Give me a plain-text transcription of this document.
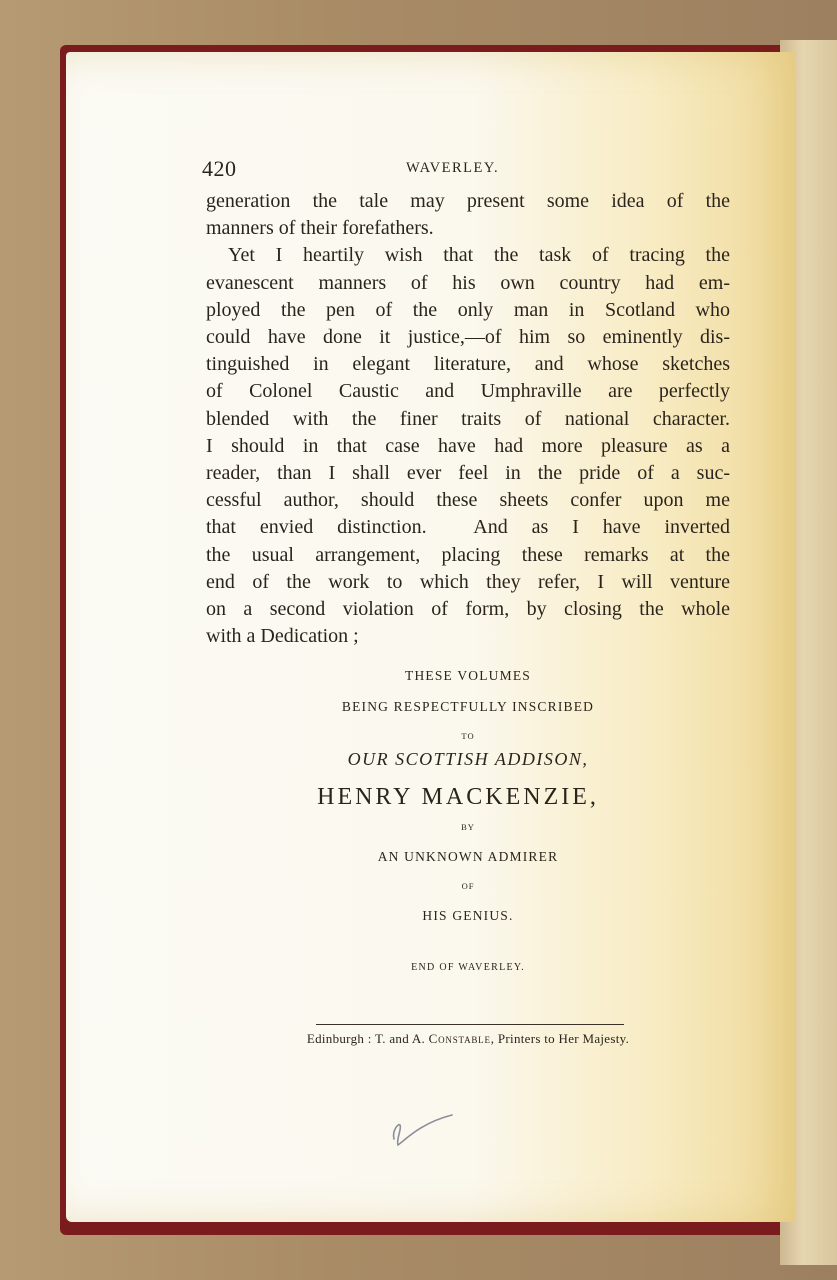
420	WAVERLEY.
generation the tale may present some idea of the
manners of their forefathers.
Yet I heartily wish that the task of tracing the
evanescent manners of his own country had em-
ployed the pen of the only man in Scotland who
could have done it justice,—of him so eminently dis-
tinguished in elegant literature, and whose sketches
of Colonel Caustic and Umphraville are perfectly
blended with the finer traits of national character.
I should in that case have had more pleasure as a
reader, than I shall ever feel in the pride of a suc-
cessful author, should these sheets confer upon me
that envied distinction.  And as I have inverted
the usual arrangement, placing these remarks at the
end of the work to which they refer, I will venture
on a second violation of form, by closing the whole
with a Dedication ;
THESE VOLUMES
BEING RESPECTFULLY INSCRIBED
TO
OUR SCOTTISH ADDISON,
HENRY MACKENZIE,
BY
AN UNKNOWN ADMIRER
OF
HIS GENIUS.
END OF WAVERLEY.
Edinburgh : T. and A. Constable, Printers to Her Majesty.
